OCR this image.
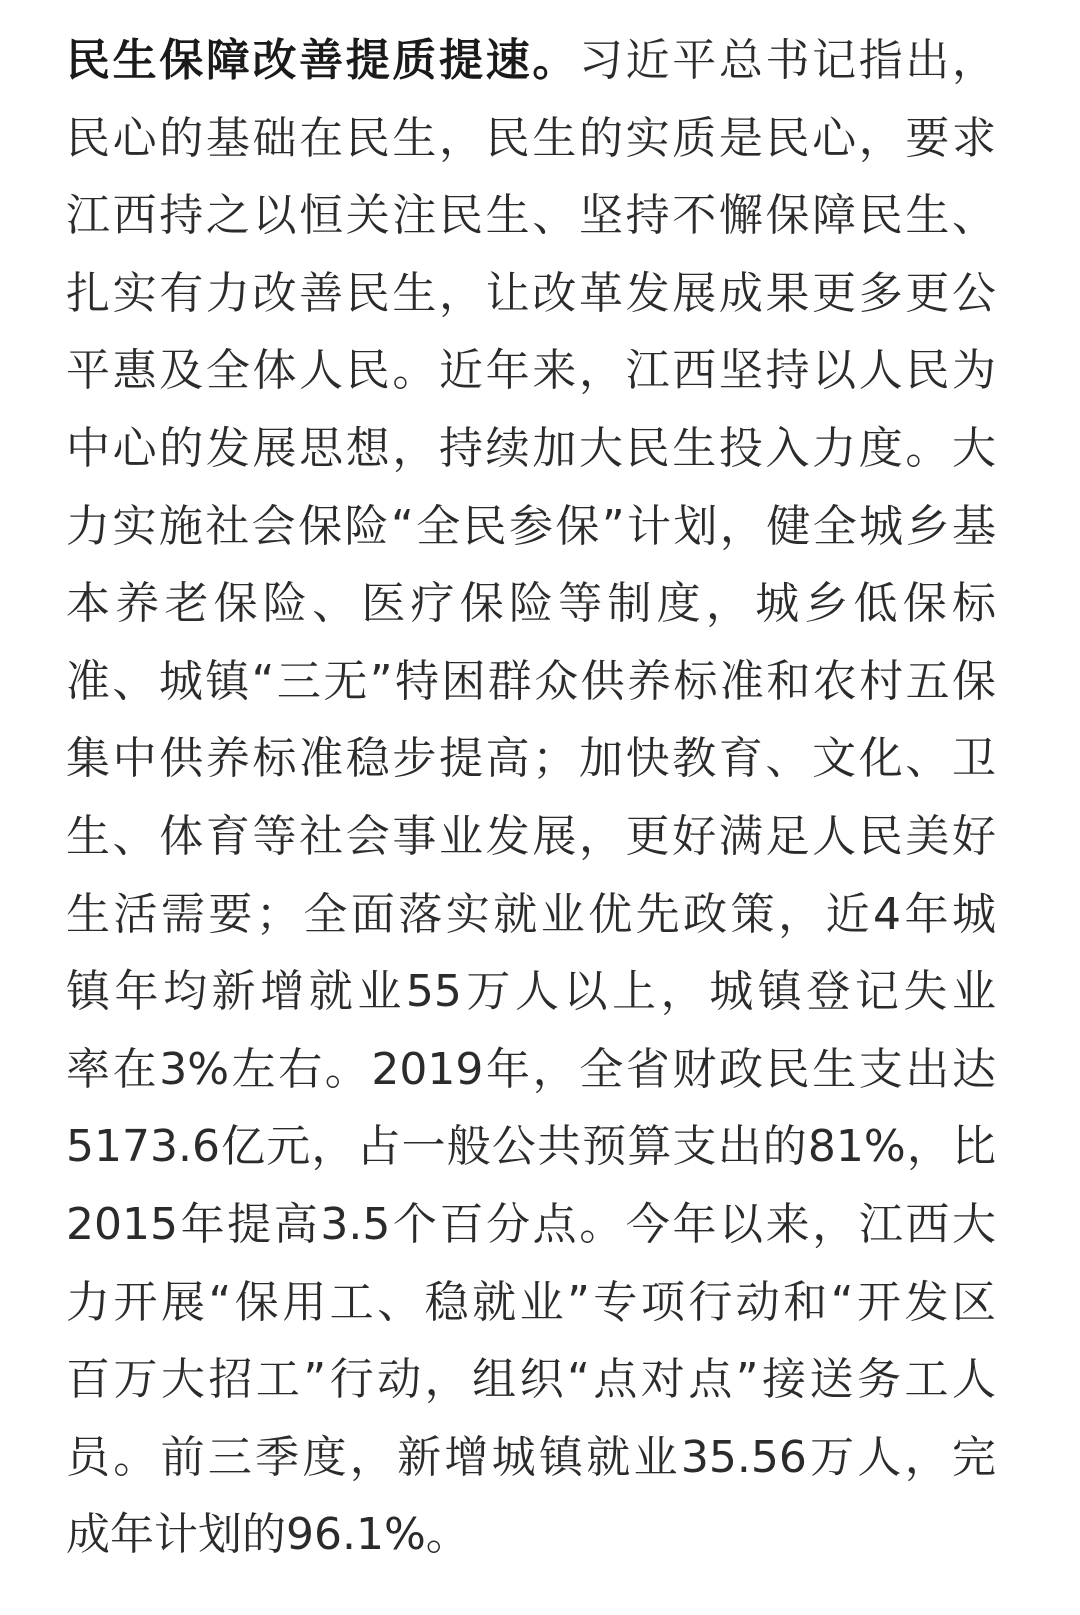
民生保障改善提质提速。习近平总书记指出，
民心的基础在民生，民生的实质是民心，要求
江西持之以恒关注民生、坚持不懈保障民生、
扎实有力改善民生，让改革发展成果更多更公
平惠及全体人民。近年来，江西坚持以人民为
中心的发展思想，持续加大民生投入力度。大
力实施社会保险“全民参保”计划，健全城乡基
本养老保险、医疗保险等制度，城乡低保标
准、城镇“三无”特困群众供养标准和农村五保
集中供养标准稳步提高；加快教育、文化、卫
生、体育等社会事业发展，更好满足人民美好
生活需要；全面落实就业优先政策，近4年城
镇年均新增就业55万人以上，城镇登记失业
率在3%左右。2019年，全省财政民生支出达
5173.6亿元，占一般公共预算支出的81%，比
2015年提高3.5个百分点。今年以来，江西大
力开展“保用工、稳就业”专项行动和“开发区
百万大招工”行动，组织“点对点”接送务工人
员。前三季度，新增城镇就业35.56万人，完
成年计划的96.1%。
